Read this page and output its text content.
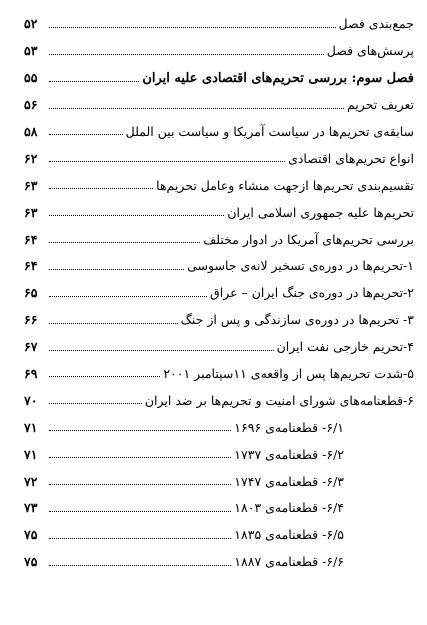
جمع‌بندی فصل
۵۲
پرسش‌های فصل
۵۳
فصل سوم: بررسی تحریم‌های اقتصادی علیه ایران
۵۵
تعریف تحریم
۵۶
سابقه‌ی تحریم‌ها در سیاست آمریکا و سیاست بین الملل
۵۸
انواع تحریم‌های اقتصادی
۶۲
تقسیم‌بندی تحریم‌ها ازجهت منشاء وعامل تحریم‌ها
۶۳
تحریم‌ها علیه جمهوری اسلامی ایران
۶۳
بررسی تحریم‌های آمریکا در ادوار مختلف
۶۴
۱-تحریم‌ها در دوره‌ی تسخیر لانه‌ی جاسوسی
۶۴
۲-تحریم‌ها در دوره‌ی جنگ ایران – عراق
۶۵
۳- تحریم‌ها در دوره‌ی سازندگی و پس از جنگ
۶۶
۴-تحریم خارجی نفت ایران
۶۷
۵-شدت تحریم‌ها پس از واقعه‌ی ۱۱سپتامبر ۲۰۰۱
۶۹
۶-قطعنامه‌های شورای امنیت و تحریم‌ها بر ضد ایران
۷۰
۶/۱- قطعنامه‌ی ۱۶۹۶
۷۱
۶/۲- قطعنامه‌ی ۱۷۳۷
۷۱
۶/۳- قطعنامه‌ی ۱۷۴۷
۷۲
۶/۴- قطعنامه‌ی ۱۸۰۳
۷۳
۶/۵- قطعنامه‌ی ۱۸۳۵
۷۵
۶/۶- قطعنامه‌ی ۱۸۸۷
۷۵
